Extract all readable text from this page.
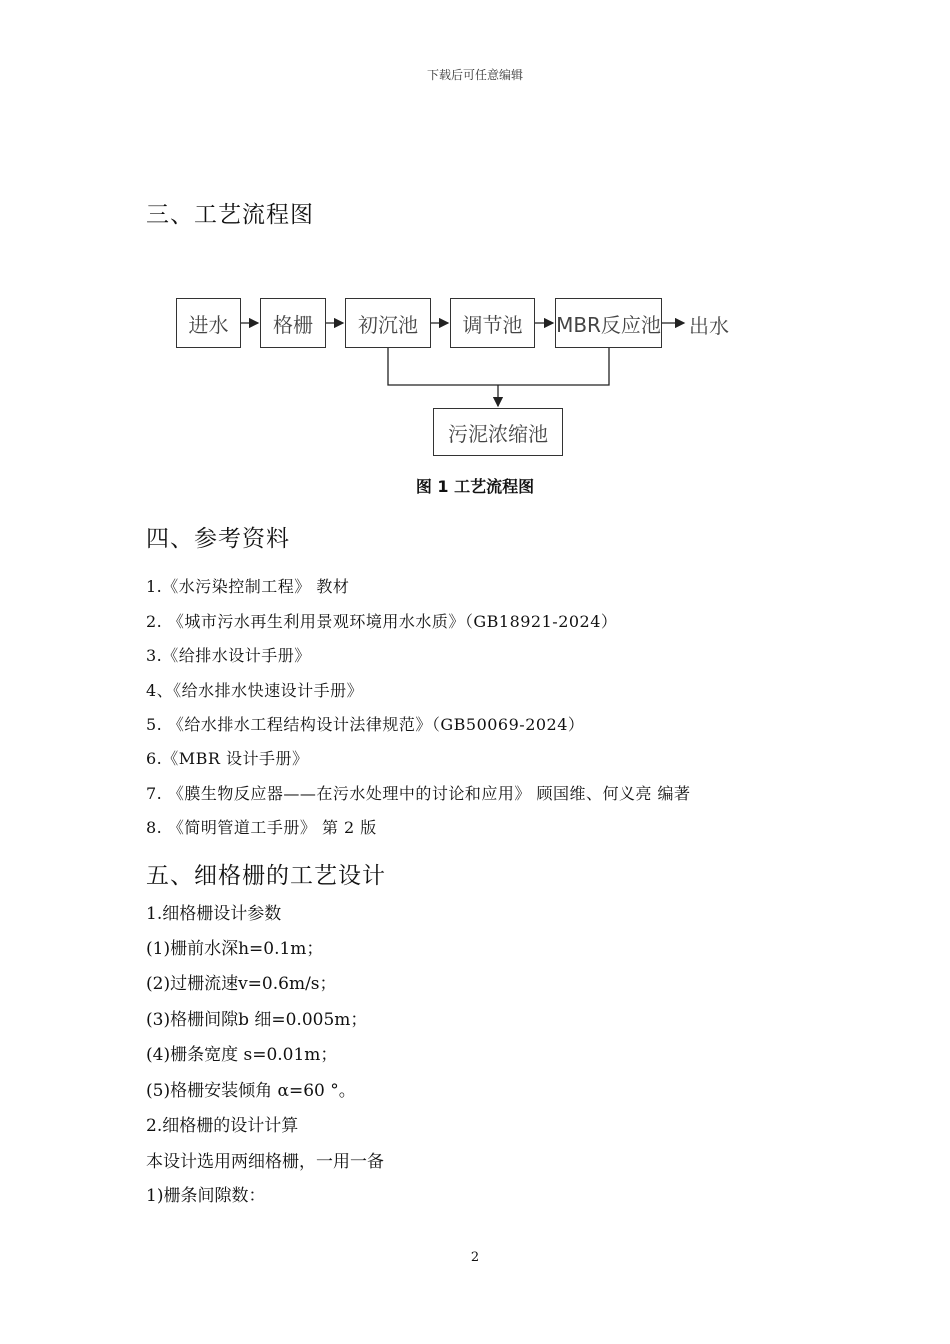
下载后可任意编辑
三、工艺流程图
进水	格栅	初沉池	调节池	MBR反应池 出水
污泥浓缩池
图 1 工艺流程图
四、参考资料
1.《水污染控制工程》 教材
2. 《城市污水再生利用景观环境用水水质》（GB18921-2024）
3.《给排水设计手册》
4、《给水排水快速设计手册》
5. 《给水排水工程结构设计法律规范》（GB50069-2024）
6.《MBR 设计手册》
7. 《膜生物反应器——在污水处理中的讨论和应用》 顾国维、何义亮 编著
8. 《简明管道工手册》 第 2 版
五、细格栅的工艺设计
1.细格栅设计参数
(1)栅前水深h=0.1m；
(2)过栅流速v=0.6m/s；
(3)格栅间隙b 细=0.005m；
(4)栅条宽度 s=0.01m；
(5)格栅安装倾角 α=60 °。
2.细格栅的设计计算
本设计选用两细格栅，一用一备
1)栅条间隙数：
2
